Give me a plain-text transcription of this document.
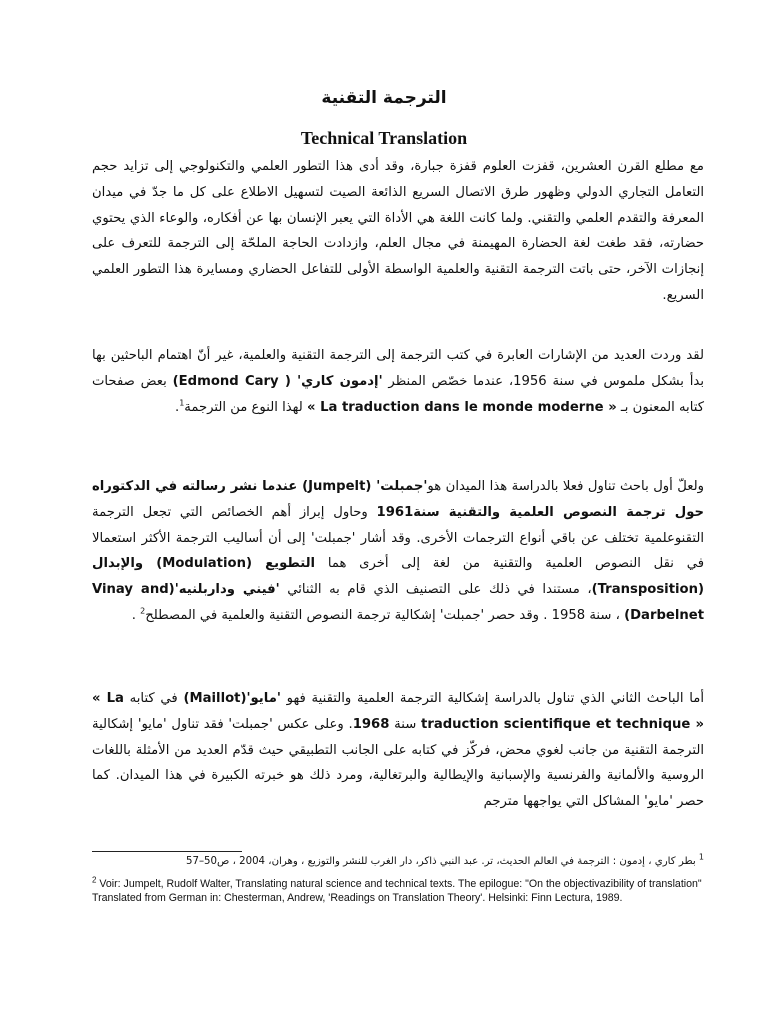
الترجمة التقنية
Technical Translation

مع مطلع القرن العشرين، قفزت العلوم قفزة جبارة، وقد أدى هذا التطور العلمي والتكنولوجي إلى تزايد حجم التعامل التجاري الدولي وظهور طرق الاتصال السريع الذائعة الصيت لتسهيل الاطلاع على كل ما جدّ في ميدان المعرفة والتقدم العلمي والتقني. ولما كانت اللغة هي الأداة التي يعبر الإنسان بها عن أفكاره، والوعاء الذي يحتوي حضارته، فقد طغت لغة الحضارة المهيمنة في مجال العلم، وازدادت الحاجة الملحّة إلى الترجمة للتعرف على إنجازات الآخر، حتى باتت الترجمة التقنية والعلمية الواسطة الأولى للتفاعل الحضاري ومسايرة هذا التطور العلمي السريع.

لقد وردت العديد من الإشارات العابرة في كتب الترجمة إلى الترجمة التقنية والعلمية، غير أنّ اهتمام الباحثين بها بدأ بشكل ملموس في سنة 1956، عندما خصّص المنظر 'إدمون كاري' ( Edmond Cary) بعض صفحات كتابه المعنون بـ « La traduction dans le monde moderne » لهذا النوع من الترجمة$^1$.

ولعلّ أول باحث تناول فعلا بالدراسة هذا الميدان هو'جمبلت' (Jumpelt) عندما نشر رسالته في الدكتوراه حول ترجمة النصوص العلمية والتقنية سنة1961 وحاول إبراز أهم الخصائص التي تجعل الترجمة التقنوعلمية تختلف عن باقي أنواع الترجمات الأخرى. وقد أشار 'جمبلت' إلى أن أساليب الترجمة الأكثر استعمالا في نقل النصوص العلمية والتقنية من لغة إلى أخرى هما التطويع (Modulation) والإبدال (Transposition)، مستندا في ذلك على التصنيف الذي قام به الثنائي 'فيني وداربلنيه'(Vinay and Darbelnet) ، سنة 1958 . وقد حصر 'جمبلت' إشكالية ترجمة النصوص التقنية والعلمية في المصطلح$^2$ .

أما الباحث الثاني الذي تناول بالدراسة إشكالية الترجمة العلمية والتقنية فهو 'مايو'(Maillot) في كتابه « La traduction scientifique et technique » سنة 1968. وعلى عكس 'جمبلت' فقد تناول 'مايو' إشكالية الترجمة التقنية من جانب لغوي محض، فركّز في كتابه على الجانب التطبيقي حيث قدّم العديد من الأمثلة باللغات الروسية والألمانية والفرنسية والإسبانية والإيطالية والبرتغالية، ومرد ذلك هو خبرته الكبيرة في هذا الميدان. كما حصر 'مايو' المشاكل التي يواجهها مترجم

$^1$ بطر كاري ، إدمون : الترجمة في العالم الحديث، تر. عبد النبي ذاكر، دار الغرب للنشر والتوزيع ، وهران، 2004 ، ص50–57
$^2$ Voir: Jumpelt, Rudolf Walter, Translating natural science and technical texts. The epilogue: "On the objectivazibility of translation" Translated from German in: Chesterman, Andrew, 'Readings on Translation Theory'. Helsinki: Finn Lectura, 1989.
